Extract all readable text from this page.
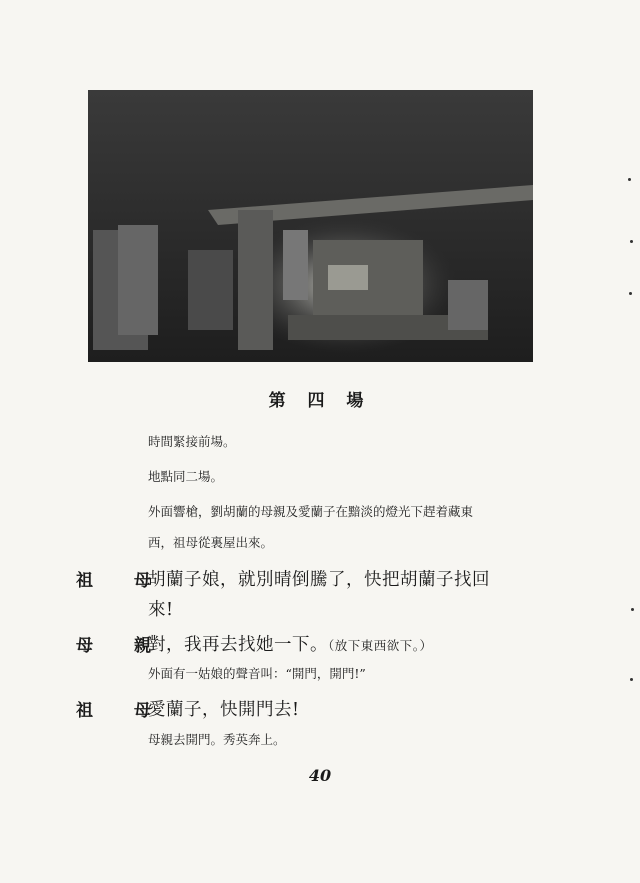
第 四 場
時間緊接前場。
地點同二場。
外面響槍，劉胡蘭的母親及愛蘭子在黯淡的燈光下趕着藏東
西，祖母從裏屋出來。
祖　母
胡蘭子娘，就別晴倒騰了，快把胡蘭子找回
來!
母　親
對，我再去找她一下。（放下東西欲下。）
外面有一姑娘的聲音叫：“開門，開門!”
祖　母
愛蘭子，快開門去!
母親去開門。秀英奔上。
40
